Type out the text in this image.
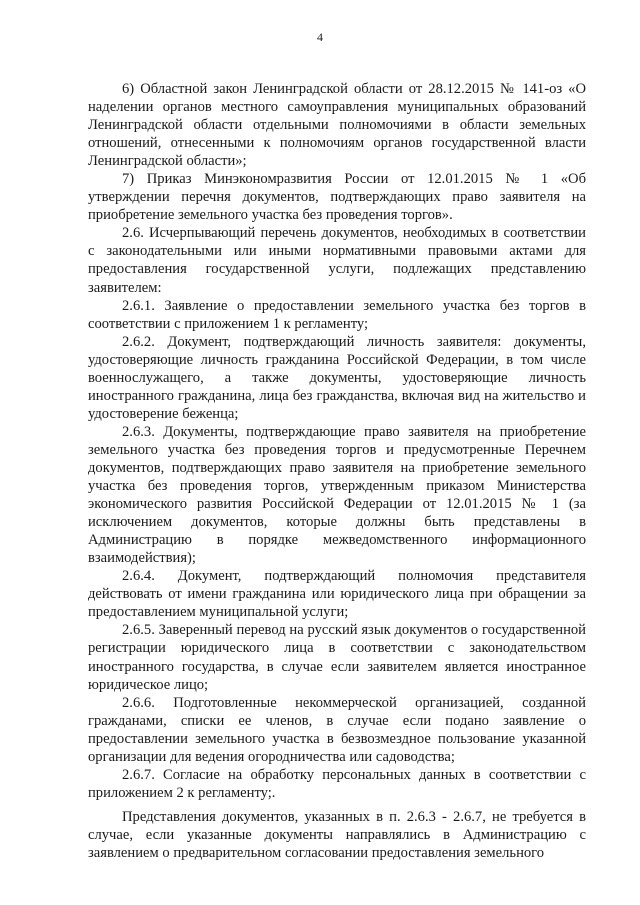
4

6) Областной закон Ленинградской области от 28.12.2015 № 141-оз «О наделении органов местного самоуправления муниципальных образований Ленинградской области отдельными полномочиями в области земельных отношений, отнесенными к полномочиям органов государственной власти Ленинградской области»;

7) Приказ Минэкономразвития России от 12.01.2015 № 1 «Об утверждении перечня документов, подтверждающих право заявителя на приобретение земельного участка без проведения торгов».

2.6. Исчерпывающий перечень документов, необходимых в соответствии с законодательными или иными нормативными правовыми актами для предоставления государственной услуги, подлежащих представлению заявителем:

2.6.1. Заявление о предоставлении земельного участка без торгов в соответствии с приложением 1 к регламенту;

2.6.2. Документ, подтверждающий личность заявителя: документы, удостоверяющие личность гражданина Российской Федерации, в том числе военнослужащего, а также документы, удостоверяющие личность иностранного гражданина, лица без гражданства, включая вид на жительство и удостоверение беженца;

2.6.3. Документы, подтверждающие право заявителя на приобретение земельного участка без проведения торгов и предусмотренные Перечнем документов, подтверждающих право заявителя на приобретение земельного участка без проведения торгов, утвержденным приказом Министерства экономического развития Российской Федерации от 12.01.2015 № 1 (за исключением документов, которые должны быть представлены в Администрацию в порядке межведомственного информационного взаимодействия);

2.6.4. Документ, подтверждающий полномочия представителя действовать от имени гражданина или юридического лица при обращении за предоставлением муниципальной услуги;

2.6.5. Заверенный перевод на русский язык документов о государственной регистрации юридического лица в соответствии с законодательством иностранного государства, в случае если заявителем является иностранное юридическое лицо;

2.6.6. Подготовленные некоммерческой организацией, созданной гражданами, списки ее членов, в случае если подано заявление о предоставлении земельного участка в безвозмездное пользование указанной организации для ведения огородничества или садоводства;

2.6.7. Согласие на обработку персональных данных в соответствии с приложением 2 к регламенту;.

Представления документов, указанных в п. 2.6.3 - 2.6.7, не требуется в случае, если указанные документы направлялись в Администрацию с заявлением о предварительном согласовании предоставления земельного
